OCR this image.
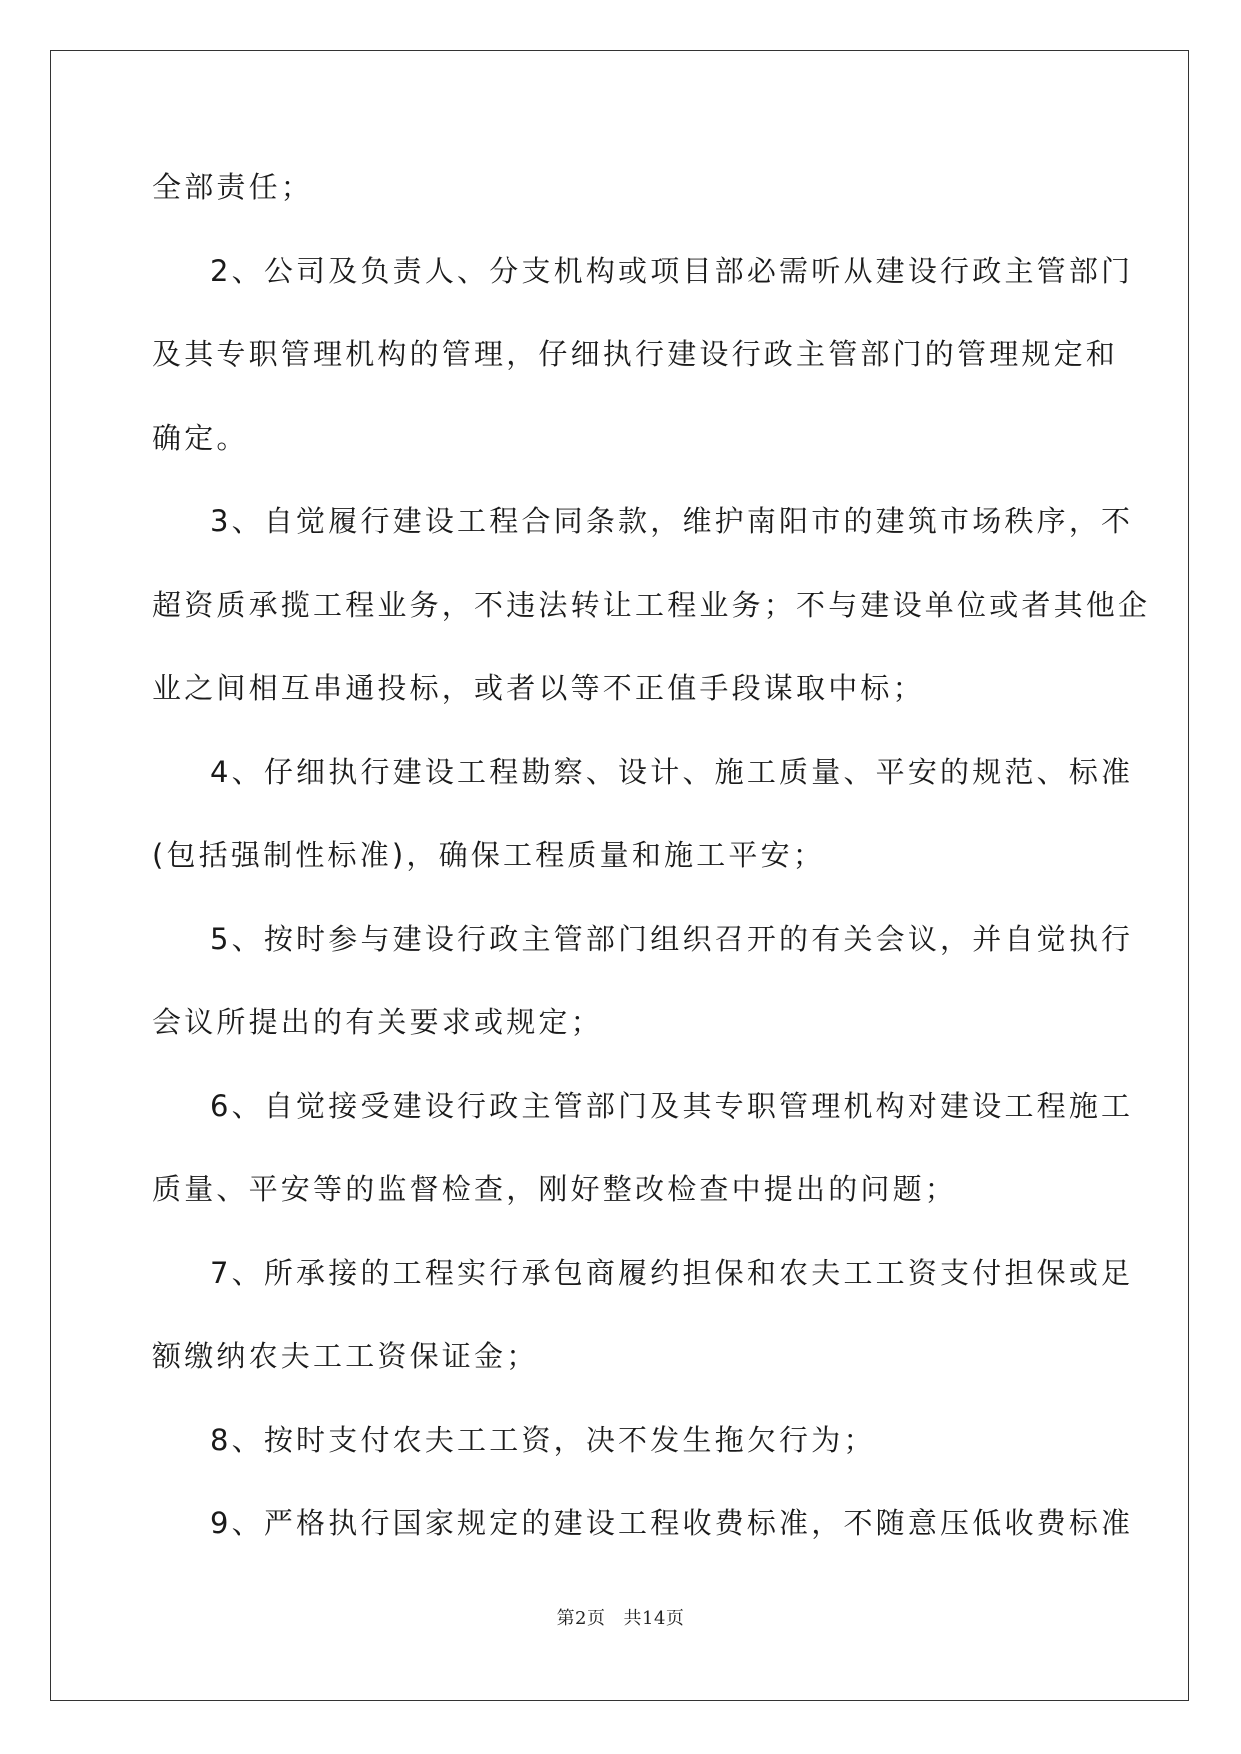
全部责任；
2、公司及负责人、分支机构或项目部必需听从建设行政主管部门
及其专职管理机构的管理，仔细执行建设行政主管部门的管理规定和
确定。
3、自觉履行建设工程合同条款，维护南阳市的建筑市场秩序，不
超资质承揽工程业务，不违法转让工程业务；不与建设单位或者其他企
业之间相互串通投标，或者以等不正值手段谋取中标；
4、仔细执行建设工程勘察、设计、施工质量、平安的规范、标准
(包括强制性标准)，确保工程质量和施工平安；
5、按时参与建设行政主管部门组织召开的有关会议，并自觉执行
会议所提出的有关要求或规定；
6、自觉接受建设行政主管部门及其专职管理机构对建设工程施工
质量、平安等的监督检查，刚好整改检查中提出的问题；
7、所承接的工程实行承包商履约担保和农夫工工资支付担保或足
额缴纳农夫工工资保证金；
8、按时支付农夫工工资，决不发生拖欠行为；
9、严格执行国家规定的建设工程收费标准，不随意压低收费标准
第2页 共14页
